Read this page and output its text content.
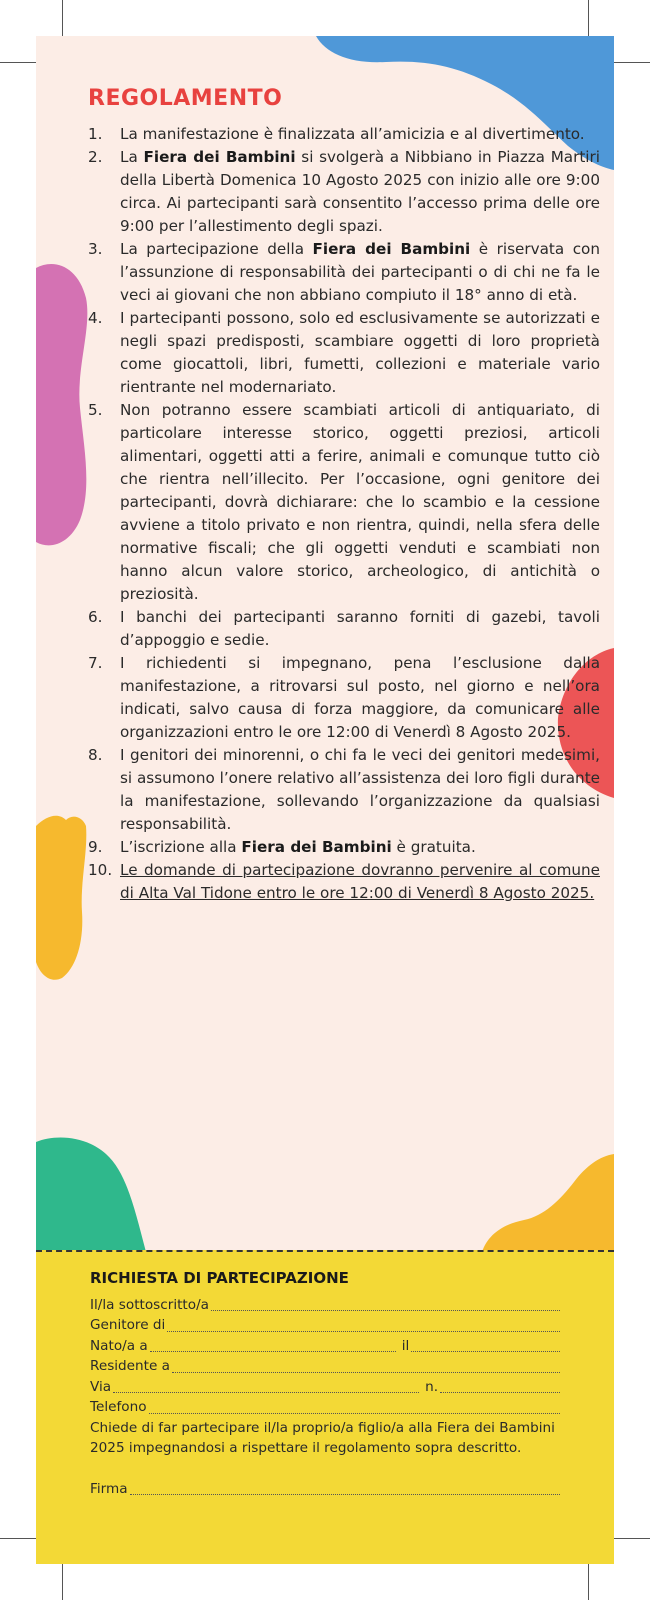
REGOLAMENTO
1.	La manifestazione è finalizzata all’amicizia e al divertimento.
2.	La Fiera dei Bambini si svolgerà a Nibbiano in Piazza Martiri della Libertà Domenica 10 Agosto 2025 con inizio alle ore 9:00 circa. Ai partecipanti sarà consentito l’accesso prima delle ore 9:00 per l’allestimento degli spazi.
3.	La partecipazione della Fiera dei Bambini è riservata con l’assunzione di responsabilità dei partecipanti o di chi ne fa le veci ai giovani che non abbiano compiuto il 18° anno di età.
4.	I partecipanti possono, solo ed esclusivamente se autorizzati e negli spazi predisposti, scambiare oggetti di loro proprietà come giocattoli, libri, fumetti, collezioni e materiale vario rientrante nel modernariato.
5.	Non potranno essere scambiati articoli di antiquariato, di particolare interesse storico, oggetti preziosi, articoli alimentari, oggetti atti a ferire, animali e comunque tutto ciò che rientra nell’illecito. Per l’occasione, ogni genitore dei partecipanti, dovrà dichiarare: che lo scambio e la cessione avviene a titolo privato e non rientra, quindi, nella sfera delle normative fiscali; che gli oggetti venduti e scambiati non hanno alcun valore storico, archeologico, di antichità o preziosità.
6.	I banchi dei partecipanti saranno forniti di gazebi, tavoli d’appoggio e sedie.
7.	I richiedenti si impegnano, pena l’esclusione dalla manifestazione, a ritrovarsi sul posto, nel giorno e nell’ora indicati, salvo causa di forza maggiore, da comunicare alle organizzazioni entro le ore 12:00 di Venerdì 8 Agosto 2025.
8.	I genitori dei minorenni, o chi fa le veci dei genitori medesimi, si assumono l’onere relativo all’assistenza dei loro figli durante la manifestazione, sollevando l’organizzazione da qualsiasi responsabilità.
9.	L’iscrizione alla Fiera dei Bambini è gratuita.
10. Le domande di partecipazione dovranno pervenire al comune di Alta Val Tidone entro le ore 12:00 di Venerdì 8 Agosto 2025.
RICHIESTA DI PARTECIPAZIONE
Il/la sottoscritto/a
Genitore di
Nato/a a	il
Residente a
Via	n.
Telefono
Chiede di far partecipare il/la proprio/a figlio/a alla Fiera dei Bambini 2025 impegnandosi a rispettare il regolamento sopra descritto.
Firma
